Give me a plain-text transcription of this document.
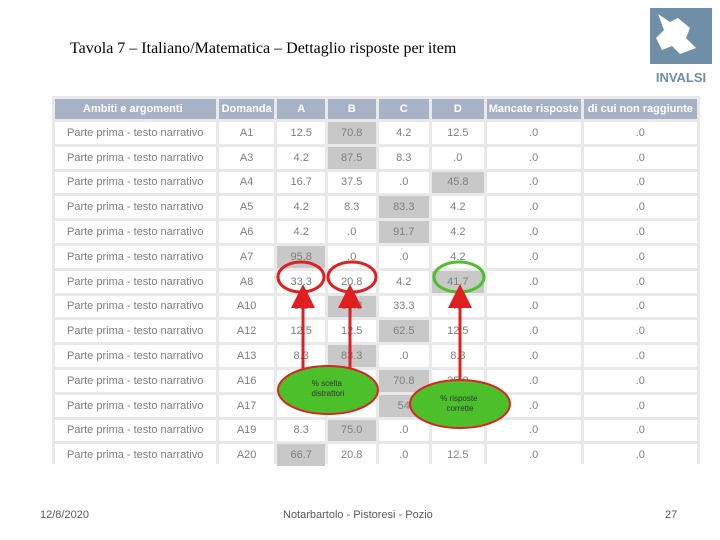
Tavola 7 – Italiano/Matematica – Dettaglio risposte per item
INVALSI
Ambiti e argomenti	Domanda	A	B	C	D	Mancate risposte	di cui non raggiunte
Parte prima - testo narrativo	A1	12.5	70.8	4.2	12.5	.0	.0
Parte prima - testo narrativo	A3	4.2	87.5	8.3	.0	.0	.0
Parte prima - testo narrativo	A4	16.7	37.5	.0	45.8	.0	.0
Parte prima - testo narrativo	A5	4.2	8.3	83.3	4.2	.0	.0
Parte prima - testo narrativo	A6	4.2	.0	91.7	4.2	.0	.0
Parte prima - testo narrativo	A7	95.8	.0	.0	4.2	.0	.0
Parte prima - testo narrativo	A8	33.3	20.8	4.2	41.7	.0	.0
Parte prima - testo narrativo	A10	8.3	58.3	33.3	.0	.0	.0
Parte prima - testo narrativo	A12	12.5	12.5	62.5	12.5	.0	.0
Parte prima - testo narrativo	A13	8.3	83.3	.0	8.3	.0	.0
Parte prima - testo narrativo	A16			70.8		.0	.0
Parte prima - testo narrativo	A17			54		.0	.0
Parte prima - testo narrativo	A19	8.3	75.0	.0		.0	.0
Parte prima - testo narrativo	A20	66.7	20.8	.0	12.5	.0	.0
% scelta distrattori
% risposte corrette
12/8/2020	Notarbartolo - Pistoresi - Pozio	27
